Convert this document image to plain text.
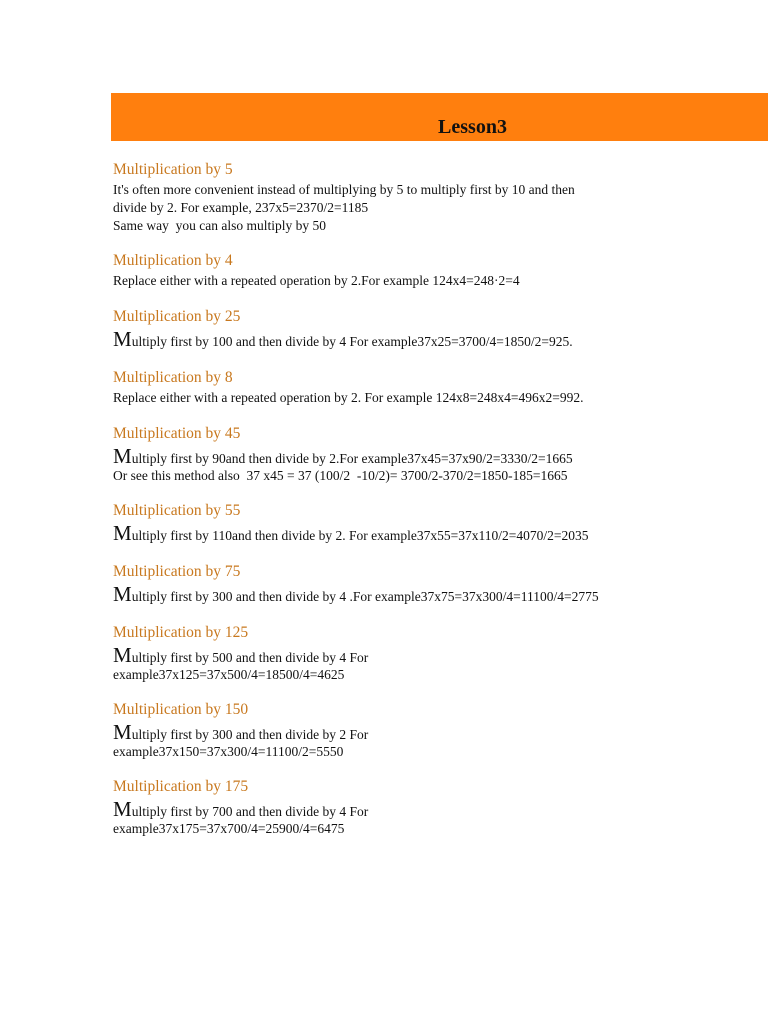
Lesson3
Multiplication by 5
It's often more convenient instead of multiplying by 5 to multiply first by 10 and then
divide by 2. For example, 237x5=2370/2=1185
Same way  you can also multiply by 50
Multiplication by 4
Replace either with a repeated operation by 2.For example 124x4=248·2=4
Multiplication by 25
Multiply first by 100 and then divide by 4 For example37x25=3700/4=1850/2=925.
Multiplication by 8
Replace either with a repeated operation by 2. For example 124x8=248x4=496x2=992.
Multiplication by 45
Multiply first by 90and then divide by 2.For example37x45=37x90/2=3330/2=1665
Or see this method also  37 x45 = 37 (100/2  -10/2)= 3700/2-370/2=1850-185=1665
Multiplication by 55
Multiply first by 110and then divide by 2. For example37x55=37x110/2=4070/2=2035
Multiplication by 75
Multiply first by 300 and then divide by 4 .For example37x75=37x300/4=11100/4=2775
Multiplication by 125
Multiply first by 500 and then divide by 4 For
example37x125=37x500/4=18500/4=4625
Multiplication by 150
Multiply first by 300 and then divide by 2 For
example37x150=37x300/4=11100/2=5550
Multiplication by 175
Multiply first by 700 and then divide by 4 For
example37x175=37x700/4=25900/4=6475
